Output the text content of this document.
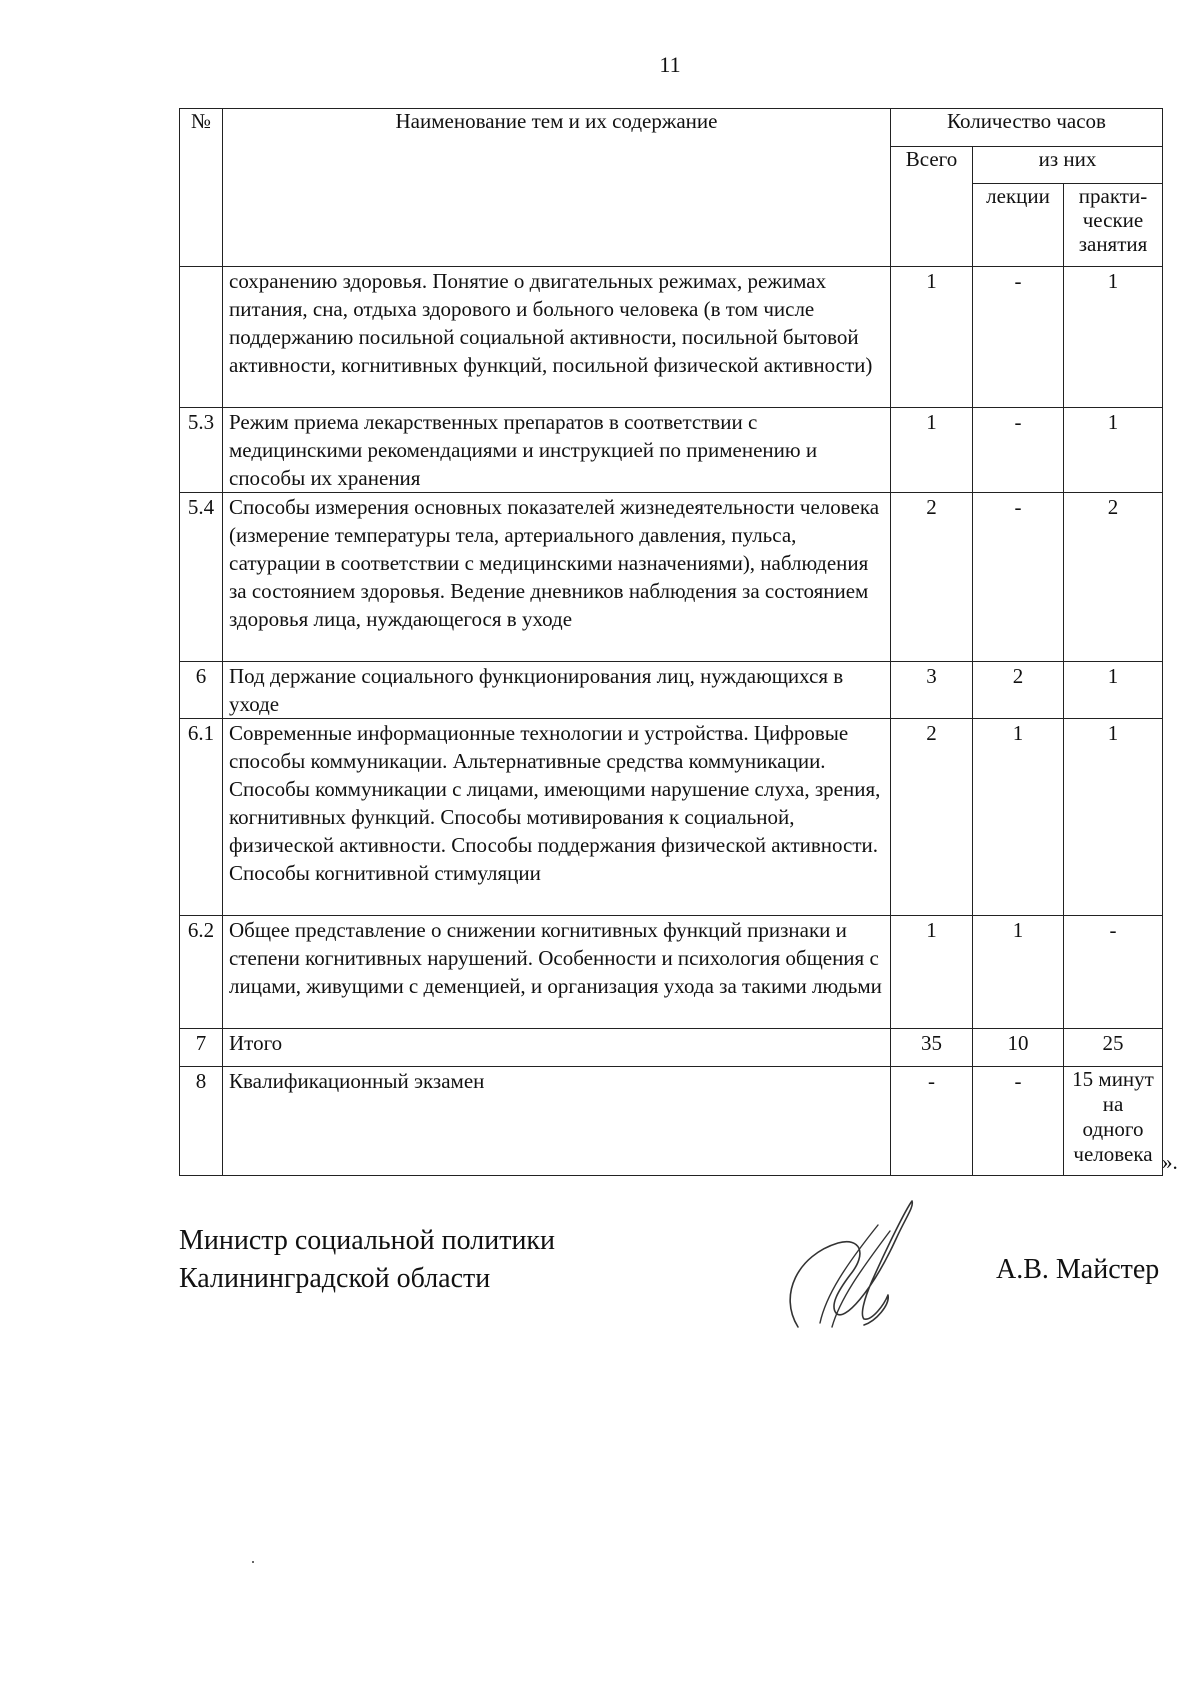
11
№	Наименование тем и их содержание	Количество часов		
		Всего	из них	
			лекции	практи-ческие занятия
	сохранению здоровья. Понятие о двигательных режимах, режимах питания, сна, отдыха здорового и больного человека (в том числе поддержанию посильной социальной активности, посильной бытовой активности, когнитивных функций, посильной физической активности)	1	-	1
5.3	Режим приема лекарственных препаратов в соответствии с медицинскими рекомендациями и инструкцией по применению и способы их хранения	1	-	1
5.4	Способы измерения основных показателей жизнедеятельности человека (измерение температуры тела, артериального давления, пульса, сатурации в соответствии с медицинскими назначениями), наблюдения за состоянием здоровья. Ведение дневников наблюдения за состоянием здоровья лица, нуждающегося в уходе	2	-	2
6	Под держание социального функционирования лиц, нуждающихся в уходе	3	2	1
6.1	Современные информационные технологии и устройства. Цифровые способы коммуникации. Альтернативные средства коммуникации. Способы коммуникации с лицами, имеющими нарушение слуха, зрения, когнитивных функций. Способы мотивирования к социальной, физической активности. Способы поддержания физической активности. Способы когнитивной стимуляции	2	1	1
6.2	Общее представление о снижении когнитивных функций признаки и степени когнитивных нарушений. Особенности и психология общения с лицами, живущими с деменцией, и организация ухода за такими людьми	1	1	-
7	Итого	35	10	25
8	Квалификационный экзамен	-	-	15 минут на одного человека ».
Министр социальной политики
Калининградской области	А.В. Майстер
